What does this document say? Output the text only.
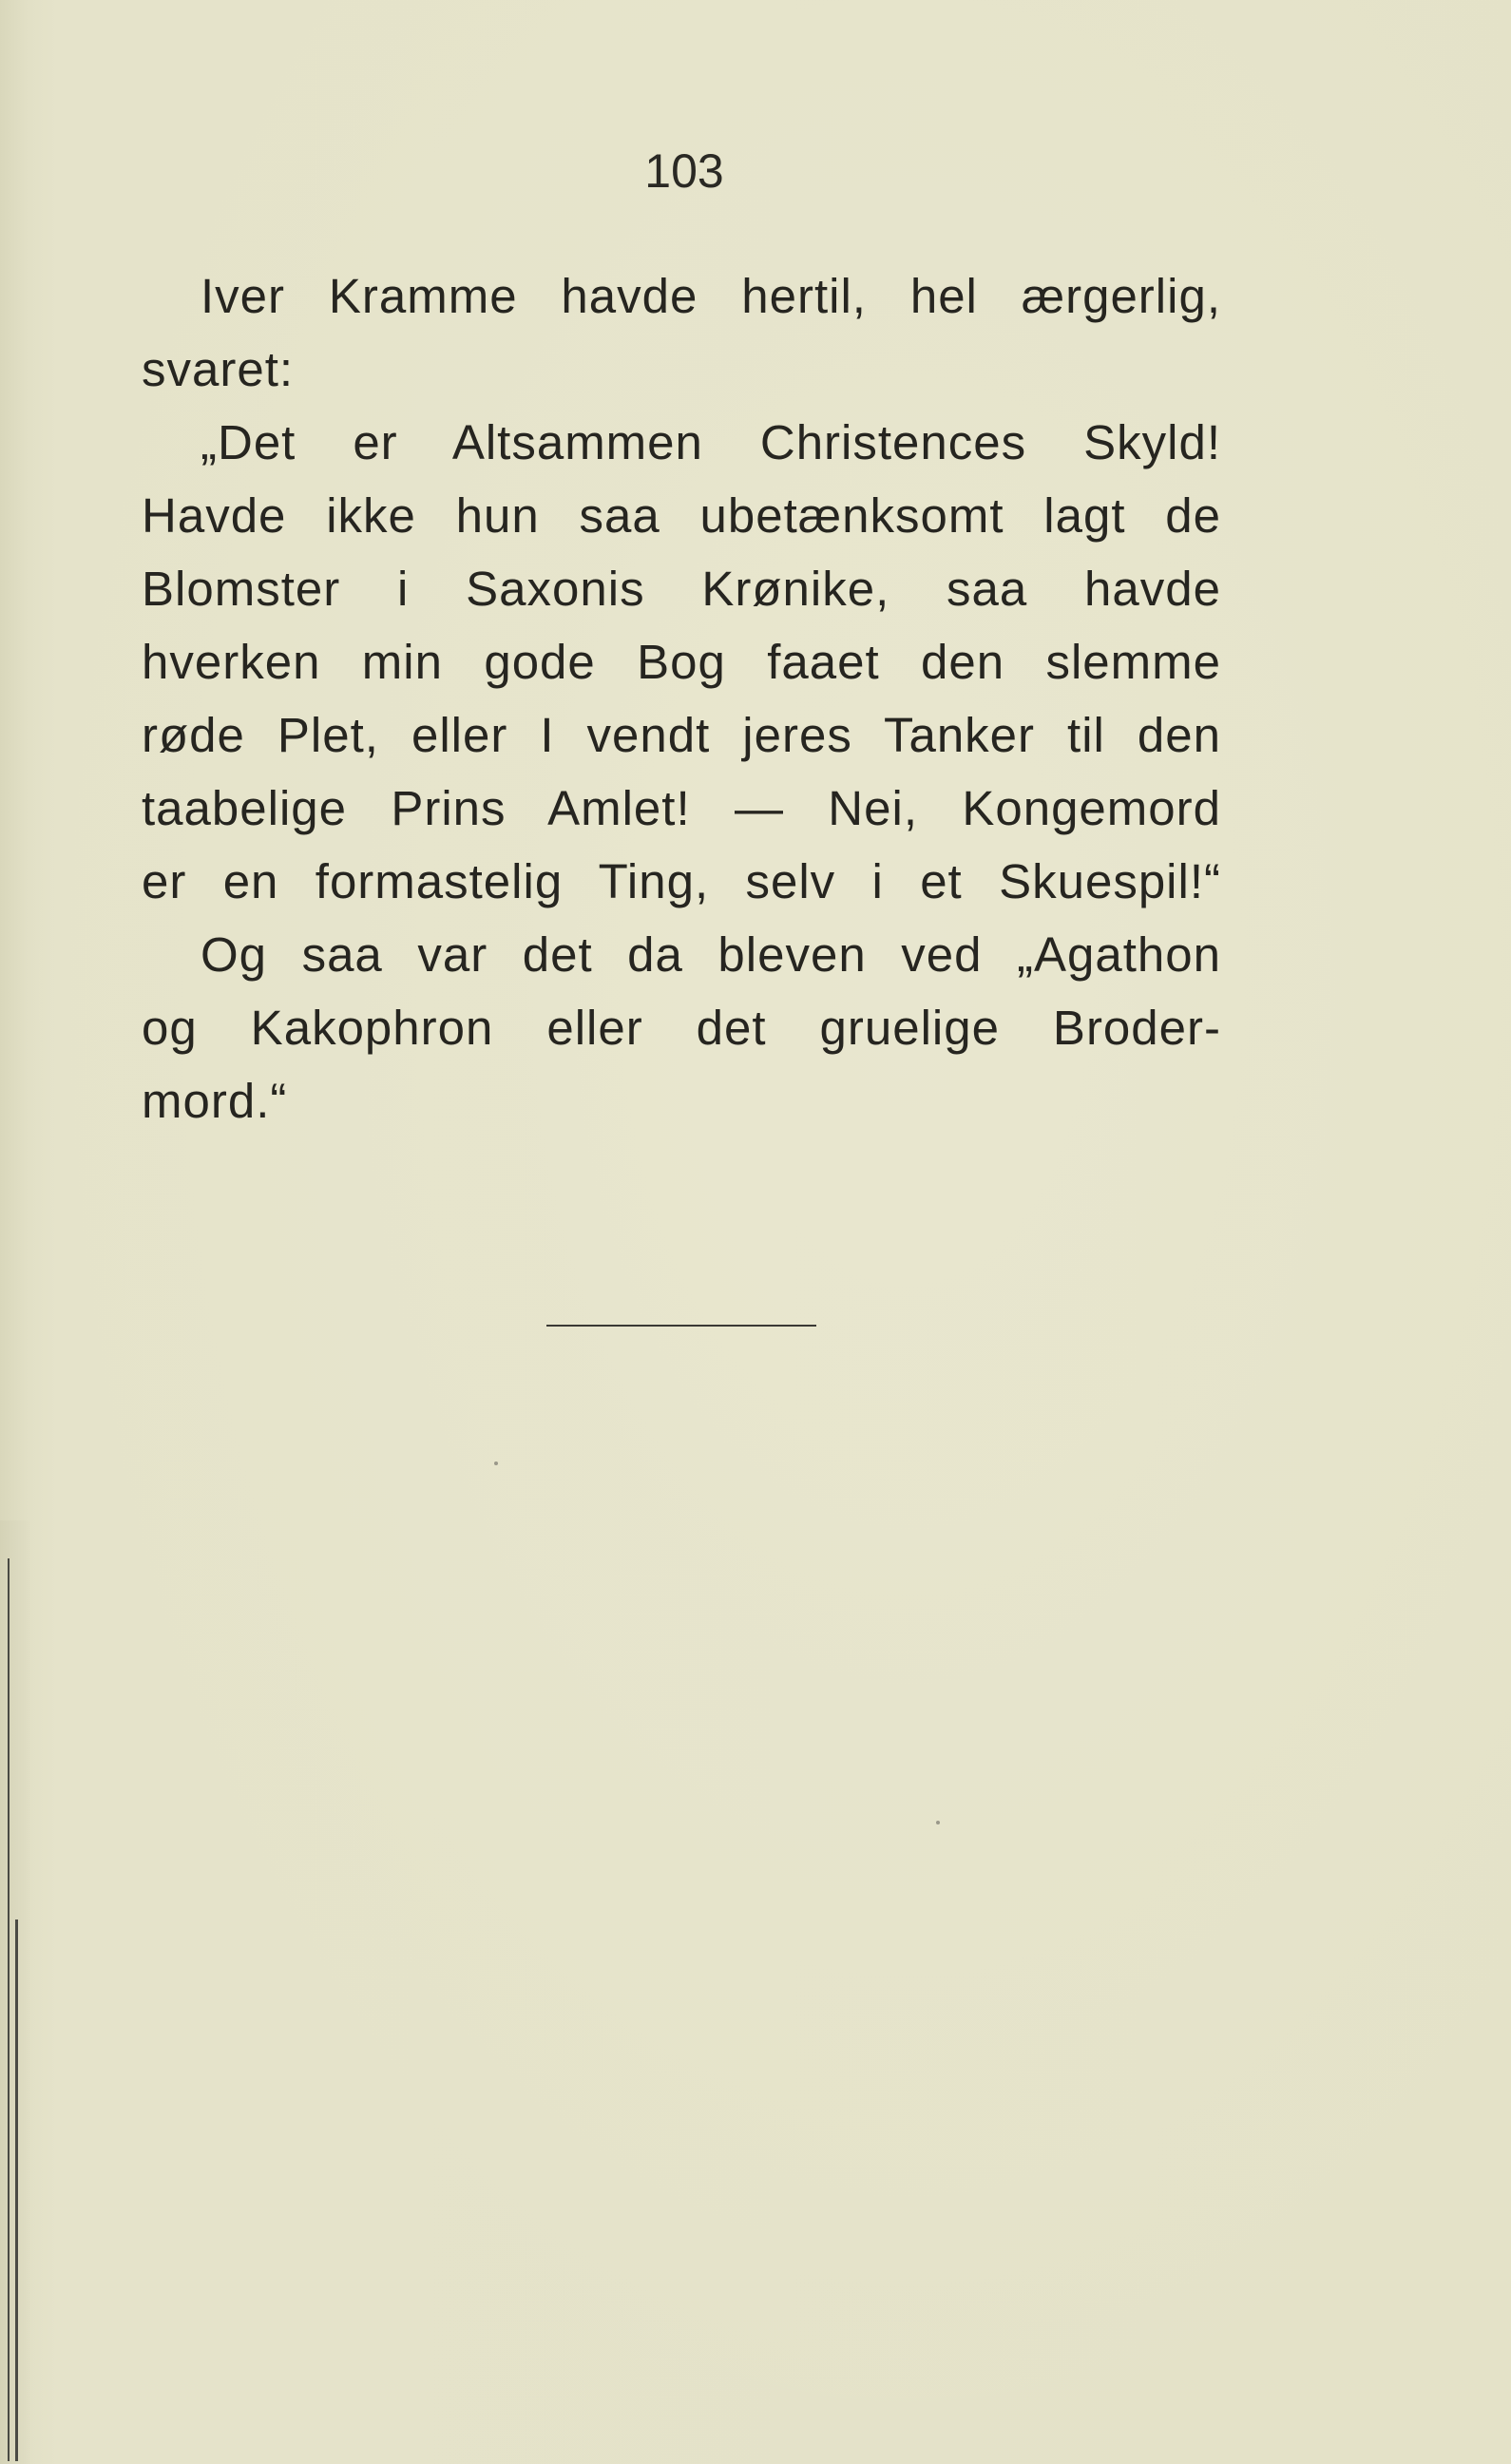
103
Iver Kramme havde hertil, hel ærgerlig,
svaret:
„Det er Altsammen Christences Skyld!
Havde ikke hun saa ubetænksomt lagt de
Blomster i Saxonis Krønike, saa havde
hverken min gode Bog faaet den slemme
røde Plet, eller I vendt jeres Tanker til den
taabelige Prins Amlet! — Nei, Kongemord
er en formastelig Ting, selv i et Skuespil!“
Og saa var det da bleven ved „Agathon
og Kakophron eller det gruelige Broder-
mord.“
